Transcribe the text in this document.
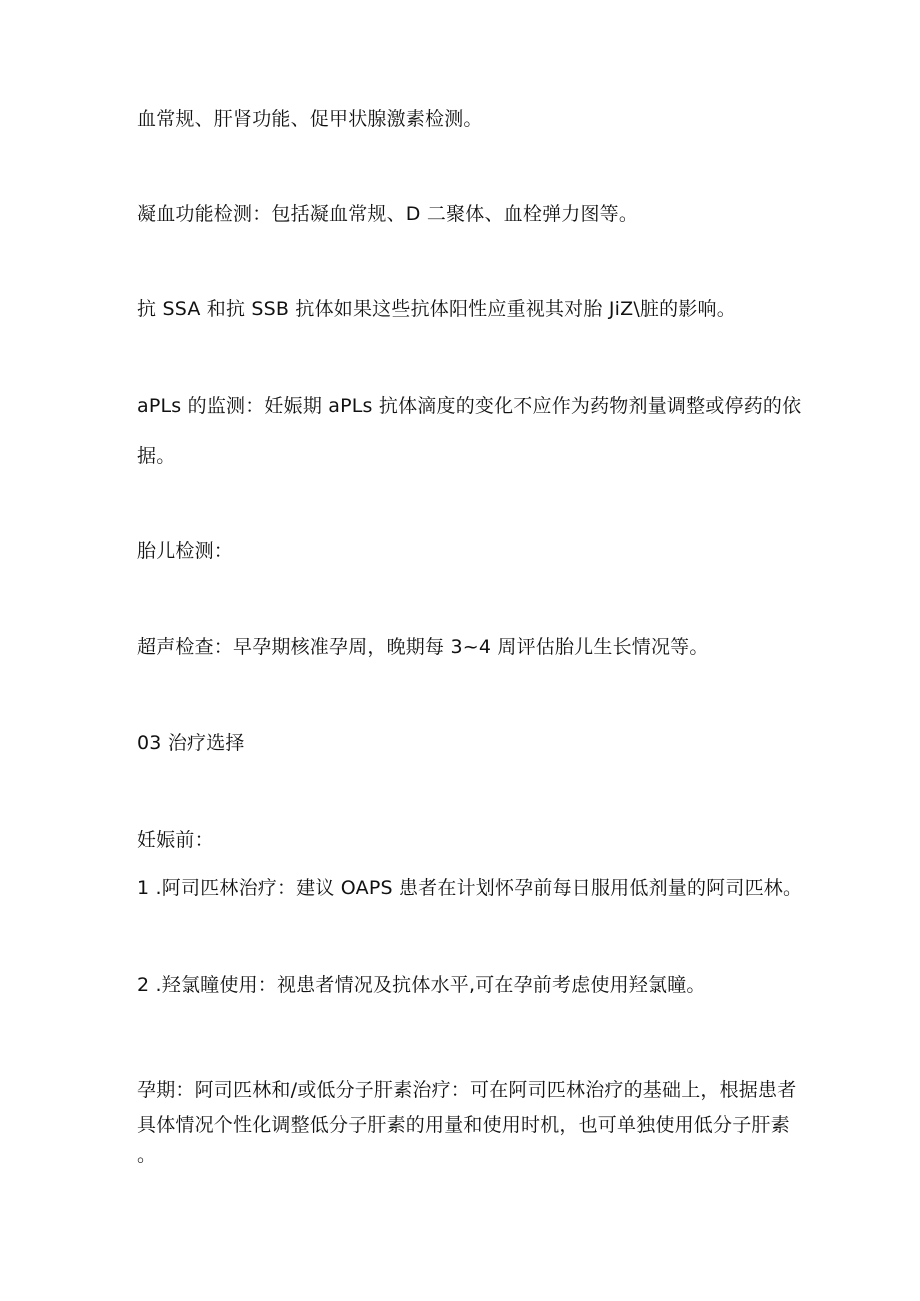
血常规、肝肾功能、促甲状腺激素检测。

凝血功能检测：包括凝血常规、D 二聚体、血栓弹力图等。

抗 SSA 和抗 SSB 抗体如果这些抗体阳性应重视其对胎 JiZ\脏的影响。

aPLs 的监测：妊娠期 aPLs 抗体滴度的变化不应作为药物剂量调整或停药的依

据。

胎儿检测：

超声检查：早孕期核准孕周，晚期每 3~4 周评估胎儿生长情况等。

03 治疗选择

妊娠前：

1 .阿司匹林治疗：建议 OAPS 患者在计划怀孕前每日服用低剂量的阿司匹林。

2 .羟氯瞳使用：视患者情况及抗体水平,可在孕前考虑使用羟氯瞳。

孕期：阿司匹林和/或低分子肝素治疗：可在阿司匹林治疗的基础上，根据患者

具体情况个性化调整低分子肝素的用量和使用时机，也可单独使用低分子肝素

。
